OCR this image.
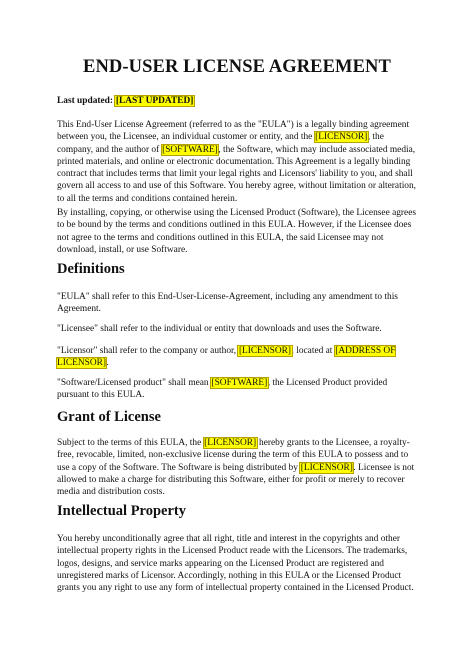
END-USER LICENSE AGREEMENT
Last updated: [LAST UPDATED]

This End-User License Agreement (referred to as the "EULA") is a legally binding agreement between you, the Licensee, an individual customer or entity, and the [LICENSOR], the company, and the author of [SOFTWARE], the Software, which may include associated media, printed materials, and online or electronic documentation. This Agreement is a legally binding contract that includes terms that limit your legal rights and Licensors' liability to you, and shall govern all access to and use of this Software. You hereby agree, without limitation or alteration, to all the terms and conditions contained herein.

By installing, copying, or otherwise using the Licensed Product (Software), the Licensee agrees to be bound by the terms and conditions outlined in this EULA. However, if the Licensee does not agree to the terms and conditions outlined in this EULA, the said Licensee may not download, install, or use Software.

Definitions

"EULA" shall refer to this End-User-License-Agreement, including any amendment to this Agreement.

"Licensee" shall refer to the individual or entity that downloads and uses the Software.

"Licensor" shall refer to the company or author, [LICENSOR], located at [ADDRESS OF LICENSOR].

"Software/Licensed product" shall mean [SOFTWARE], the Licensed Product provided pursuant to this EULA.

Grant of License

Subject to the terms of this EULA, the [LICENSOR] hereby grants to the Licensee, a royalty-free, revocable, limited, non-exclusive license during the term of this EULA to possess and to use a copy of the Software. The Software is being distributed by [LICENSOR]. Licensee is not allowed to make a charge for distributing this Software, either for profit or merely to recover media and distribution costs.

Intellectual Property

You hereby unconditionally agree that all right, title and interest in the copyrights and other intellectual property rights in the Licensed Product reade with the Licensors. The trademarks, logos, designs, and service marks appearing on the Licensed Product are registered and unregistered marks of Licensor. Accordingly, nothing in this EULA or the Licensed Product grants you any right to use any form of intellectual property contained in the Licensed Product.
